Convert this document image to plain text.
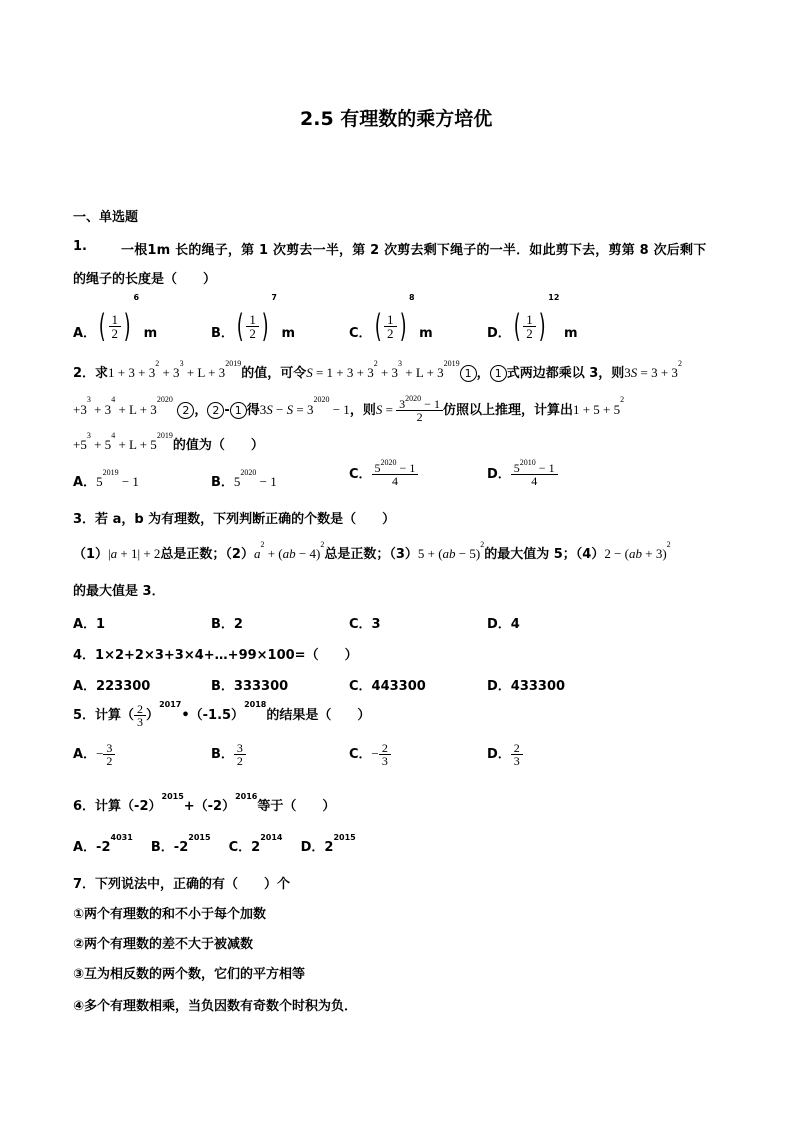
2.5 有理数的乘方培优
一、单选题
1.	一根1m 长的绳子，第 1 次剪去一半，第 2 次剪去剩下绳子的一半．如此剪下去，剪第 8 次后剩下
的绳子的长度是（　　）
A． ( $\frac{1}{2}$ )
$^6$ m	B． ( $\frac{1}{2}$ )
$^7$ m	C． ( $\frac{1}{2}$ )
$^8$ m	D． ( $\frac{1}{2}$ )
$^{12}$ m
2．求$1 + 3 + 3^2 + 3^3 + L + 3^{2019}$的值，可令$S = 1 + 3 + 3^2 + 3^3 + L + 3^{2019}1$ ， 1 式两边都乘以 3，则$3S = 3 + 3^2$
$+3^3 + 3^4 + L + 3^{2020}$ 2 ， 2 - 1 得$3S - S = 3^{2020} - 1$，则$S = \frac{3^{2020} - 1}{2}$ 仿照以上推理，计算出$1 + 5 + 5^2$
$+5^3 + 5^4 + L + 5^{2019}$的值为（　　）
A．$5^{2019} - 1$	B．$5^{2020} - 1$	C． $\frac{5^{2020} - 1}{4}$	D． $\frac{5^{2010} - 1}{4}$
3．若 a，b 为有理数，下列判断正确的个数是（　　）
（1）|a + 1| + 2总是正数；$(2)a^2 + (ab - 4)^2$总是正数；（3）5 + (ab − 5)$^2$的最大值为 5；（4）2 − (ab + 3)$^2$
的最大值是 3．
A．1	B．2	C．3	D．4
4．1×2+2×3+3×4+…+99×100=（　　）
A．223300	B．333300	C．443300	D．433300
5．计算（ $\frac{2}{3}$ ）$^{2017}•(-1.5)^{2018}$的结果是（　　）
A．− $\frac{3}{2}$	B． $\frac{3}{2}$	C．− $\frac{2}{3}$	D． $\frac{2}{3}$
6．计算$(-2)^{2015}+(-2)^{2016}$等于（　　）
A．$-2^{4031}$    B．$-2^{2015}$    C．$2^{2014}$    D．$2^{2015}$
7．下列说法中，正确的有（　　）个
①两个有理数的和不小于每个加数
②两个有理数的差不大于被减数
③互为相反数的两个数，它们的平方相等
④多个有理数相乘，当负因数有奇数个时积为负．
